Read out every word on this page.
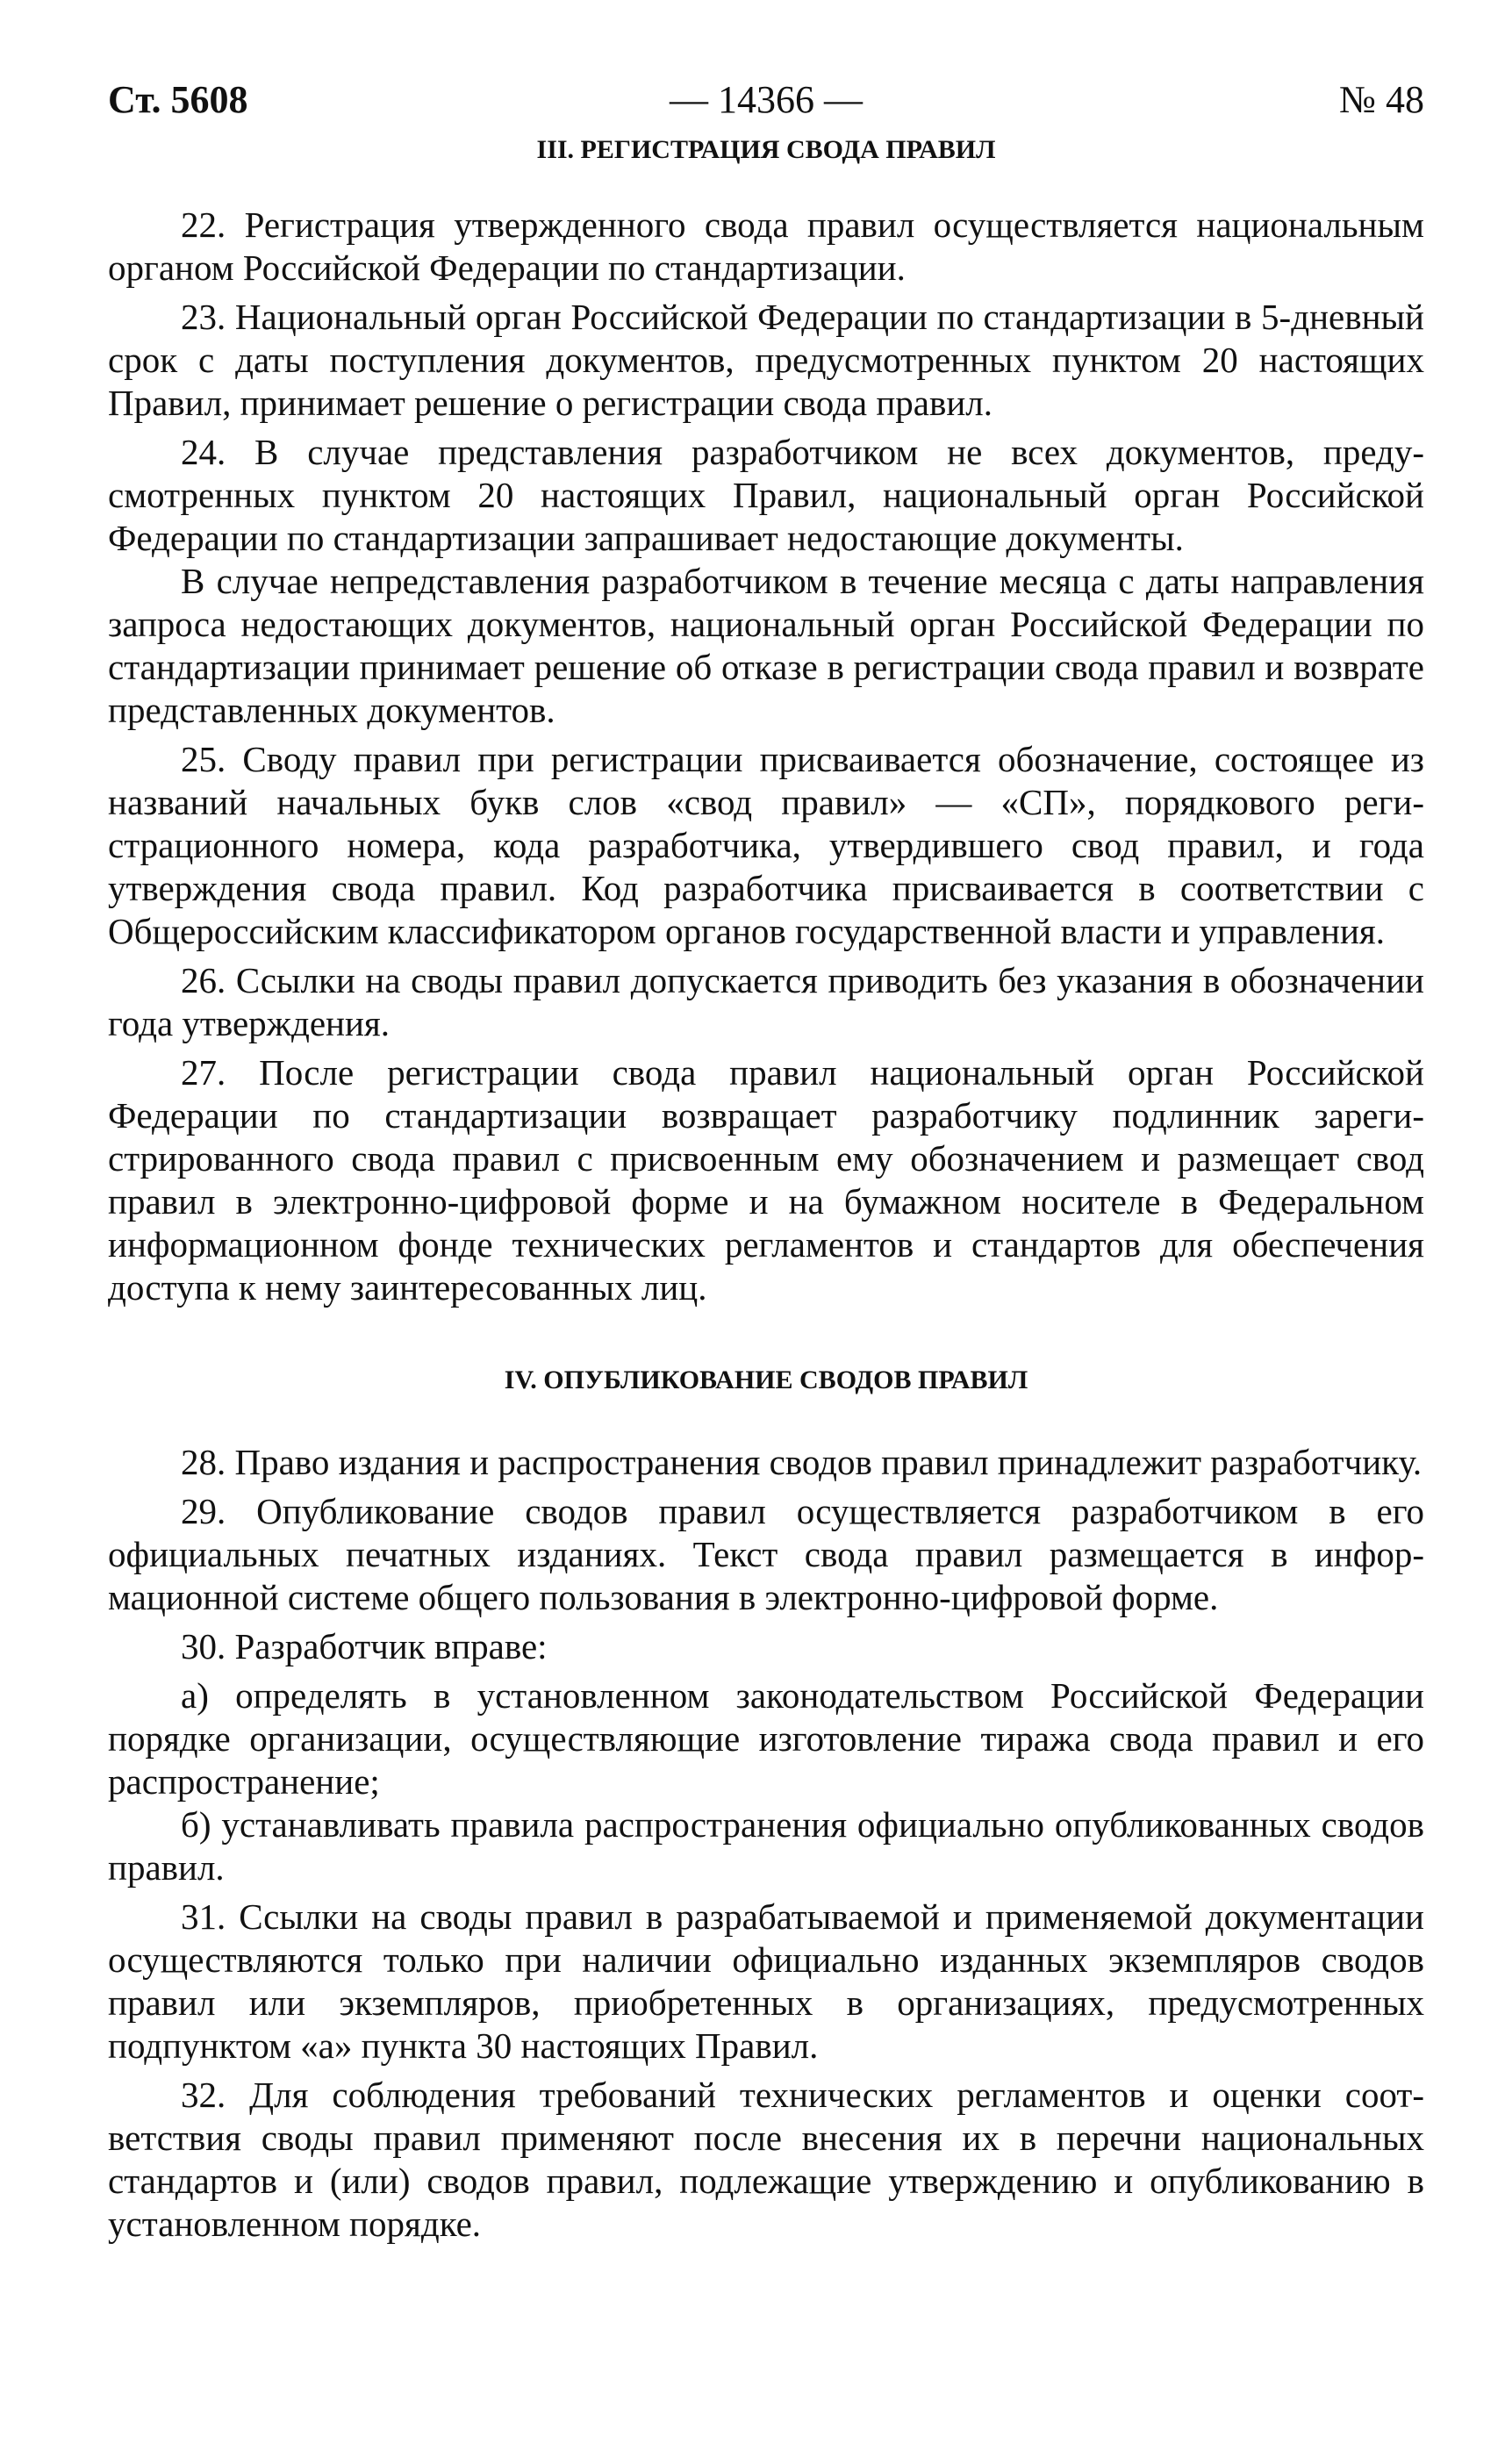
Ст. 5608	— 14366 —	№ 48
III. РЕГИСТРАЦИЯ СВОДА ПРАВИЛ

22. Регистрация утвержденного свода правил осуществляется национальным органом Российской Федерации по стандартизации.

23. Национальный орган Российской Федерации по стандартизации в 5-дневный срок с даты поступления документов, предусмотренных пунктом 20 настоящих Правил, принимает решение о регистрации свода правил.

24. В случае представления разработчиком не всех документов, предусмотренных пунктом 20 настоящих Правил, национальный орган Российской Федерации по стандартизации запрашивает недостающие документы.

В случае непредставления разработчиком в течение месяца с даты направления запроса недостающих документов, национальный орган Российской Федерации по стандартизации принимает решение об отказе в регистрации свода правил и возврате представленных документов.

25. Своду правил при регистрации присваивается обозначение, состоящее из названий начальных букв слов «свод правил» — «СП», порядкового регистрационного номера, кода разработчика, утвердившего свод правил, и года утверждения свода правил. Код разработчика присваивается в соответствии с Общероссийским классификатором органов государственной власти и управления.

26. Ссылки на своды правил допускается приводить без указания в обозначении года утверждения.

27. После регистрации свода правил национальный орган Российской Федерации по стандартизации возвращает разработчику подлинник зарегистрированного свода правил с присвоенным ему обозначением и размещает свод правил в электронно-цифровой форме и на бумажном носителе в Федеральном информационном фонде технических регламентов и стандартов для обеспечения доступа к нему заинтересованных лиц.

IV. ОПУБЛИКОВАНИЕ СВОДОВ ПРАВИЛ

28. Право издания и распространения сводов правил принадлежит разработчику.

29. Опубликование сводов правил осуществляется разработчиком в его официальных печатных изданиях. Текст свода правил размещается в информационной системе общего пользования в электронно-цифровой форме.

30. Разработчик вправе:

а) определять в установленном законодательством Российской Федерации порядке организации, осуществляющие изготовление тиража свода правил и его распространение;

б) устанавливать правила распространения официально опубликованных сводов правил.

31. Ссылки на своды правил в разрабатываемой и применяемой документации осуществляются только при наличии официально изданных экземпляров сводов правил или экземпляров, приобретенных в организациях, предусмотренных подпунктом «а» пункта 30 настоящих Правил.

32. Для соблюдения требований технических регламентов и оценки соответствия своды правил применяют после внесения их в перечни национальных стандартов и (или) сводов правил, подлежащие утверждению и опубликованию в установленном порядке.
